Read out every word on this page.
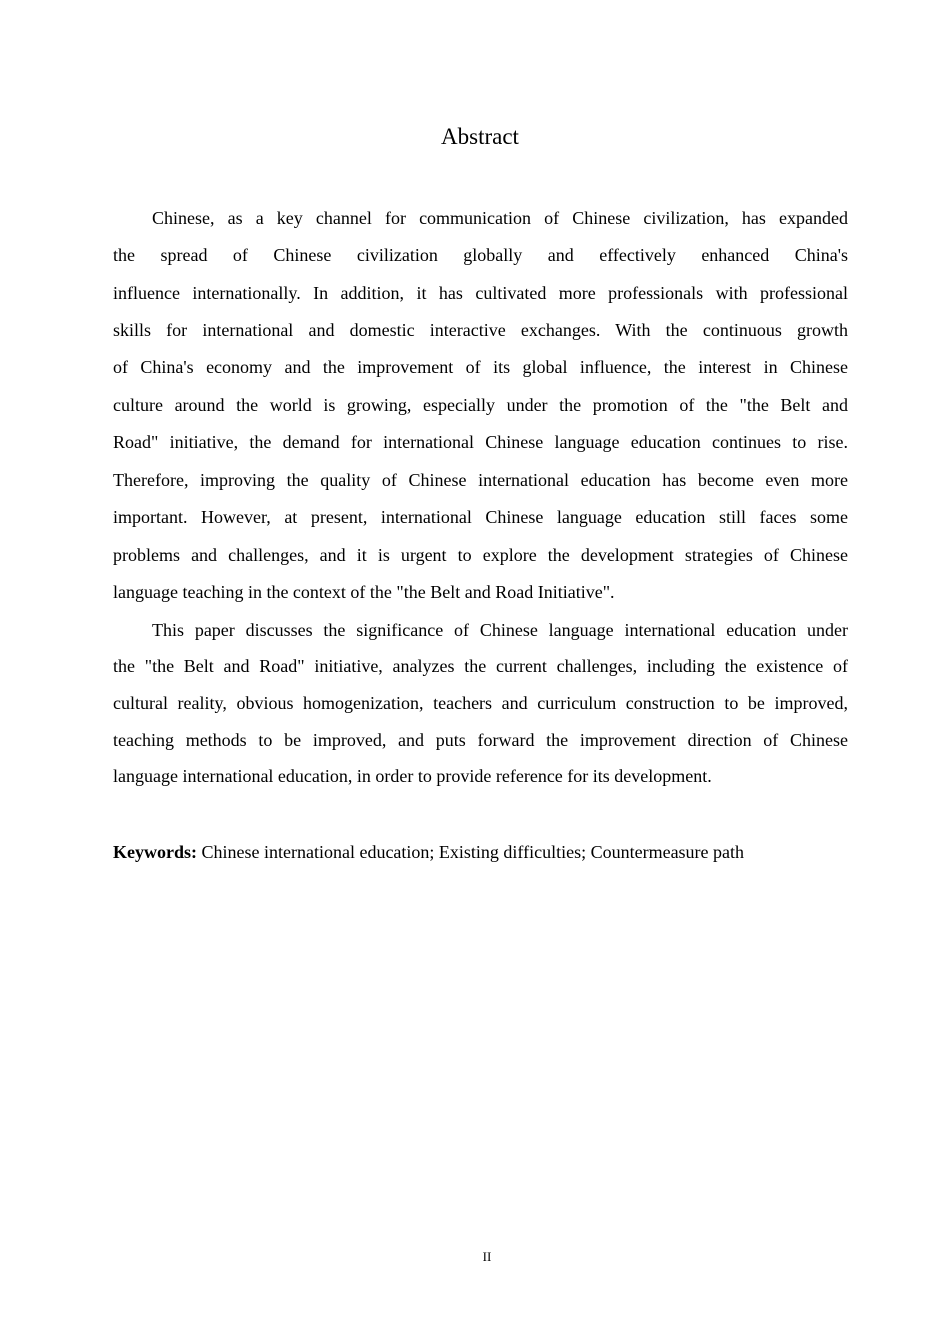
Abstract
Chinese, as a key channel for communication of Chinese civilization, has expanded
the spread of Chinese civilization globally and effectively enhanced China's
influence internationally. In addition, it has cultivated more professionals with professional
skills for international and domestic interactive exchanges. With the continuous growth
of China's economy and the improvement of its global influence, the interest in Chinese
culture around the world is growing, especially under the promotion of the "the Belt and
Road" initiative, the demand for international Chinese language education continues to rise.
Therefore, improving the quality of Chinese international education has become even more
important. However, at present, international Chinese language education still faces some
problems and challenges, and it is urgent to explore the development strategies of Chinese
language teaching in the context of the "the Belt and Road Initiative".
This paper discusses the significance of Chinese language international education under
the "the Belt and Road" initiative, analyzes the current challenges, including the existence of
cultural reality, obvious homogenization, teachers and curriculum construction to be improved,
teaching methods to be improved, and puts forward the improvement direction of Chinese
language international education, in order to provide reference for its development.
Keywords: Chinese international education; Existing difficulties; Countermeasure path
II
